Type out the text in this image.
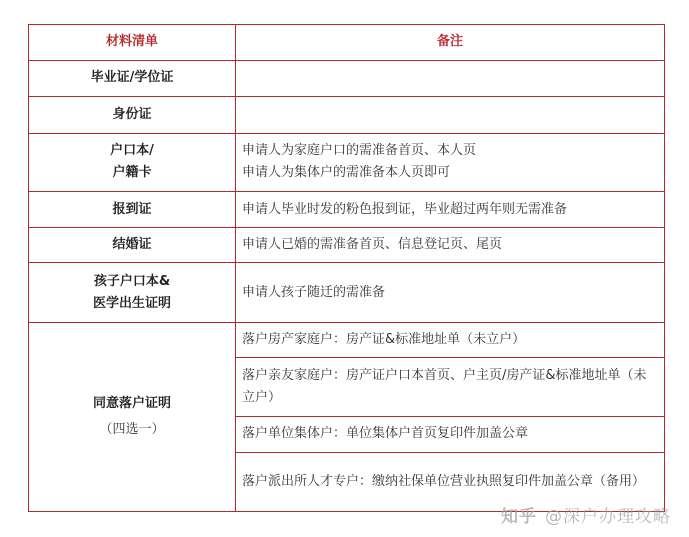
材料清单	备注
毕业证/学位证	
身份证	

户口本/
户籍卡	申请人为家庭户口的需准备首页、本人页
申请人为集体户的需准备本人页即可

报到证	申请人毕业时发的粉色报到证，毕业超过两年则无需准备
结婚证	申请人已婚的需准备首页、信息登记页、尾页

孩子户口本&
医学出生证明	申请人孩子随迁的需准备

同意落户证明
（四选一）	落户房产家庭户：房产证&标准地址单（未立户）
	落户亲友家庭户：房产证户口本首页、户主页/房产证&标准地址单（未立户）
	落户单位集体户：单位集体户首页复印件加盖公章
	落户派出所人才专户：缴纳社保单位营业执照复印件加盖公章（备用）
知乎 @深户办理攻略
